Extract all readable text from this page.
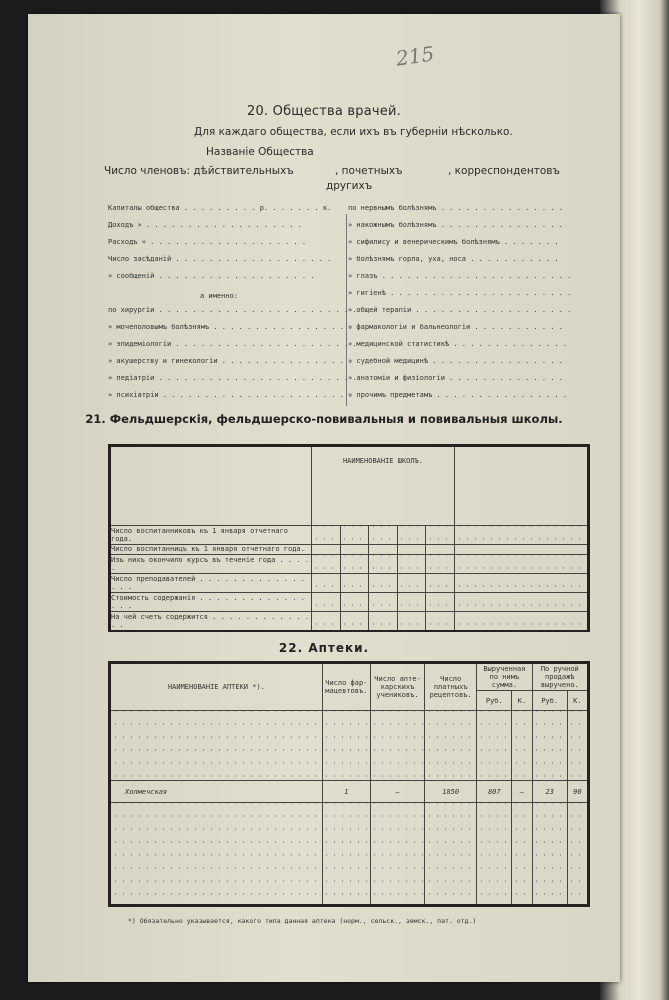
215
20. Общества врачей.
Для каждаго общества, если ихъ въ губерніи нѣсколько.
Названіе Общества
Число членовъ: дѣйствительныхъ	, почетныхъ	, корреспондентовъ
другихъ
Капиталы общества . . . . . . . . . р. . . . . . . к.
Доходъ » . . . . . . . . . . . . . . . . . . .
Расходъ » . . . . . . . . . . . . . . . . . . .
Число засѣданій . . . . . . . . . . . . . . . . . . .
» сообщеній . . . . . . . . . . . . . . . . . . .
а именно:
по хирургіи . . . . . . . . . . . . . . . . . . . . . . . .
» мочеполовымъ болѣзнямъ . . . . . . . . . . . . . . . . .
» эпидеміологіи . . . . . . . . . . . . . . . . . . . . . .
» акушерству и гинекологіи . . . . . . . . . . . . . . . .
» педіатріи . . . . . . . . . . . . . . . . . . . . . . . .
» психіатріи . . . . . . . . . . . . . . . . . . . . . . .
по нервнымъ болѣзнямъ . . . . . . . . . . . . . . .
» накожнымъ болѣзнямъ . . . . . . . . . . . . . . .
» сифилису и венерическимъ болѣзнямъ . . . . . . .
» болѣзнямъ горла, уха, носа . . . . . . . . . . .
» глазъ . . . . . . . . . . . . . . . . . . . . . . .
» гигіенѣ . . . . . . . . . . . . . . . . . . . . . .
» общей терапіи . . . . . . . . . . . . . . . . . . .
» фармакологіи и бальнеологіи . . . . . . . . . . .
» медицинской статистикѣ . . . . . . . . . . . . . .
» судебной медицинѣ . . . . . . . . . . . . . . . .
» анатоміи и физіологіи . . . . . . . . . . . . . .
» прочимъ предметамъ . . . . . . . . . . . . . . . .
21. Фельдшерскія, фельдшерско-повивальныя и повивальныя школы.
	НАИМЕНОВАНІЕ ШКОЛЪ.					
Число воспитанниковъ къ 1 января отчетнаго года.						
Число воспитанницъ къ 1 января отчетнаго года.						
Изъ нихъ окончило курсъ въ теченіе года . . . . .						
Число преподавателей . . . . . . . . . . . . . . . .						
Стоимость содержанія . . . . . . . . . . . . . . . .						
На чей счетъ содержится . . . . . . . . . . . . . .						
22. Аптеки.
НАИМЕНОВАНІЕ АПТЕКИ *).	Число фар-мацевтовъ.	Число апте-карскихъ учениковъ.	Число платныхъ рецептовъ.	Вырученная по нимъ сумма.		По ручной продажѣ выручено.	
				Руб.	К.	Руб.	К.

Холмечская	1	—	1850	807	—	23	90

*) Обязательно указывается, какого типа данная аптека (норм., сельск., земск., пат. отд.)
